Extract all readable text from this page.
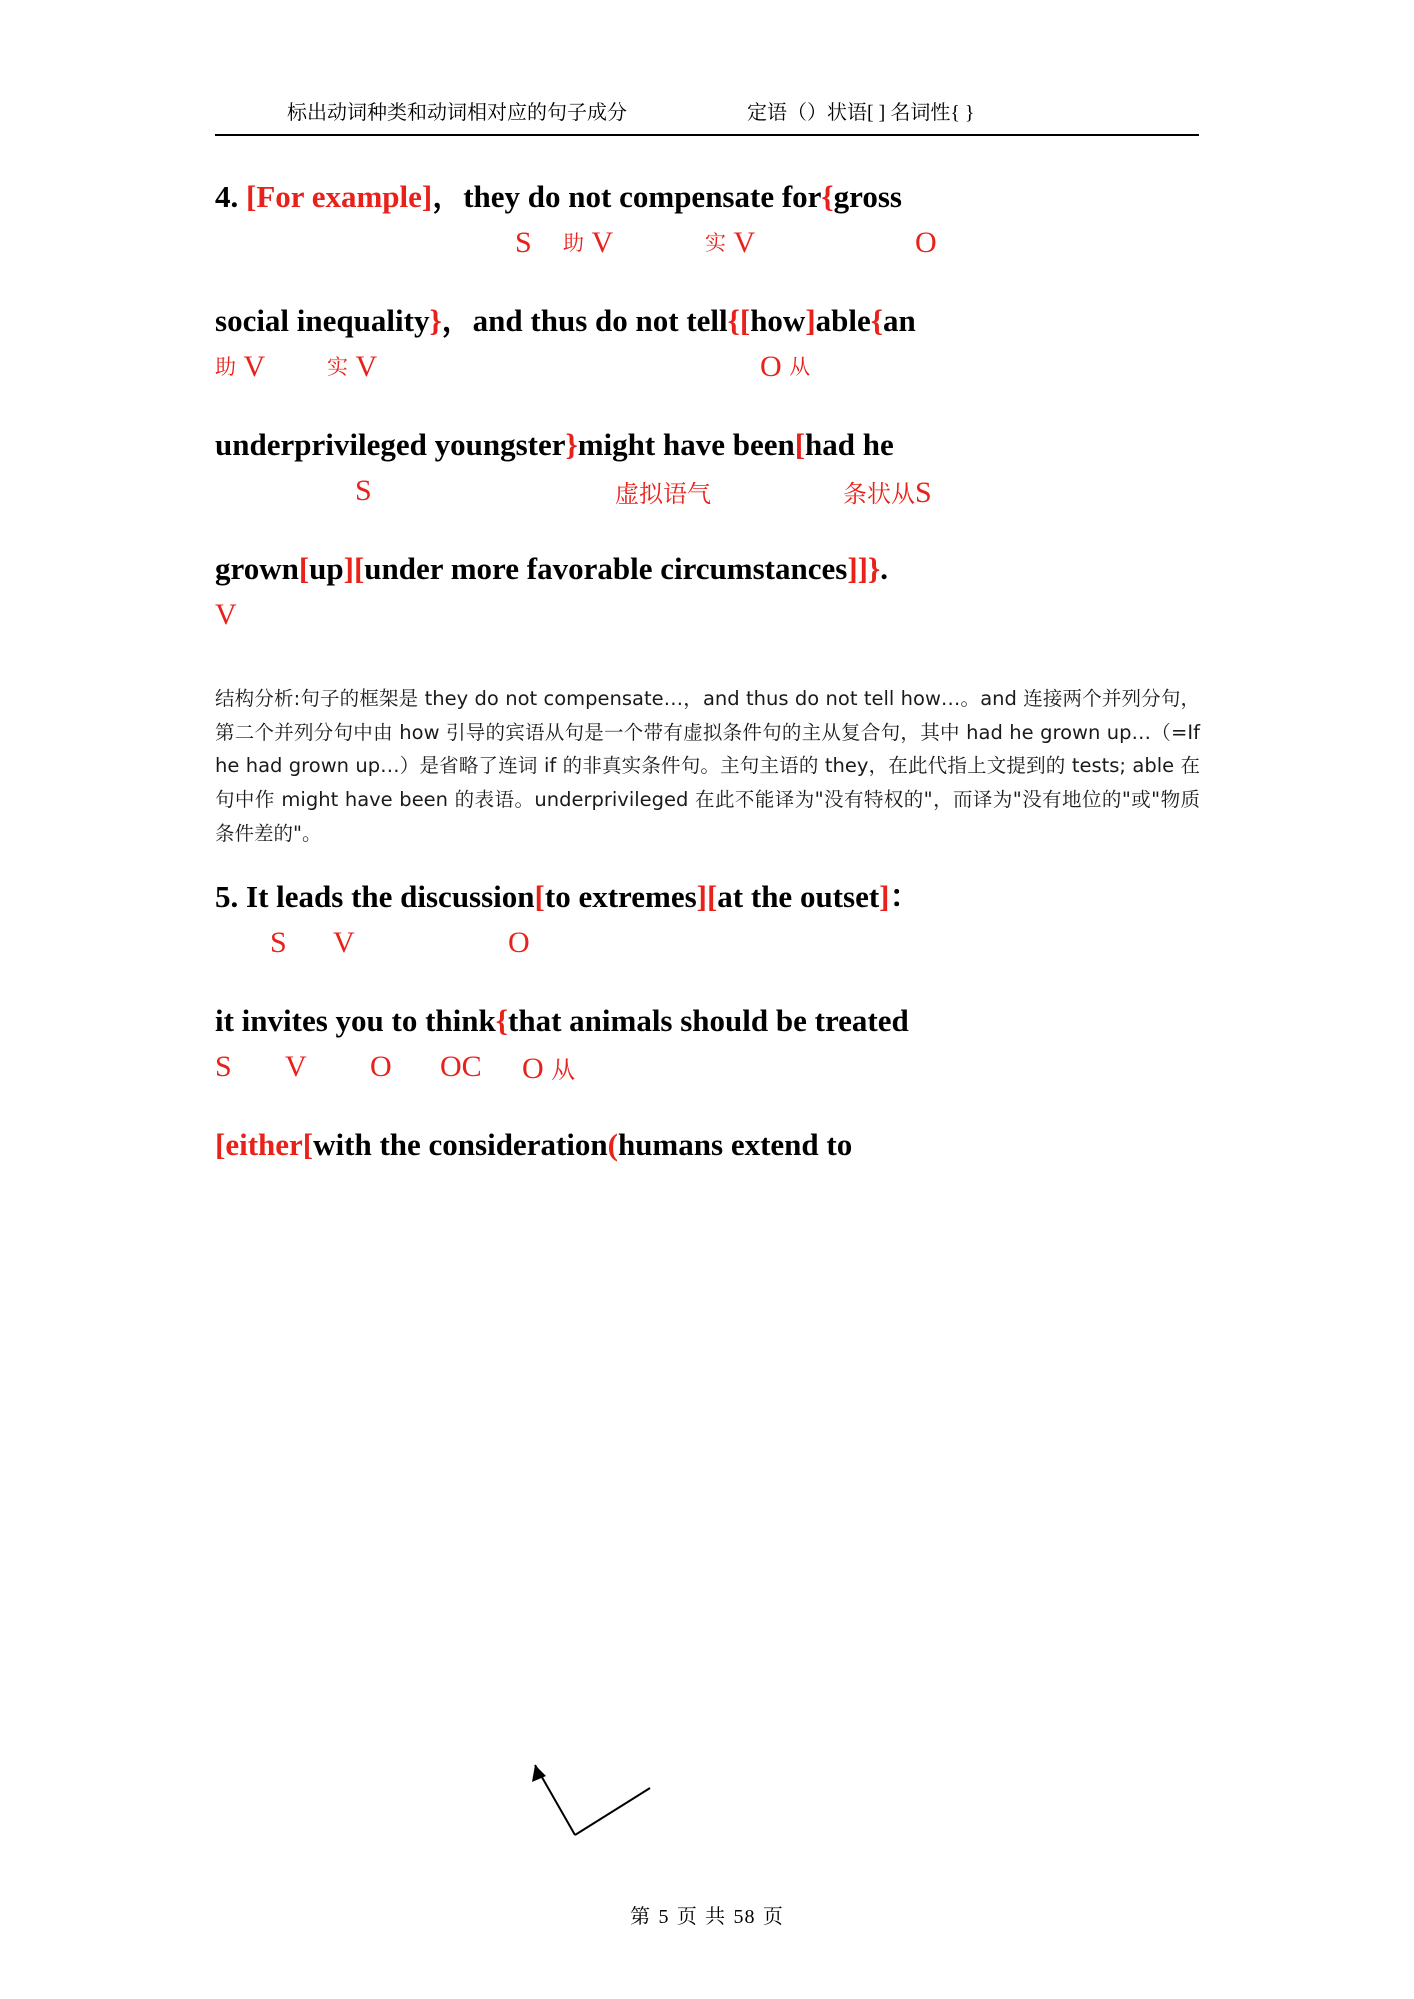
标出动词种类和动词相对应的句子成分	定语（）状语[ ] 名词性{ }
4. [For example]，they do not compensate for{gross
S 助 V	实 V	O
social inequality}，and thus do not tell{[how]able{an
助 V	实 V	O 从
underprivileged youngster}might have been[had he
S	虚拟语气	条状从S
grown[up][under more favorable circumstances]]}.
V
结构分析:句子的框架是 they do not compensate…，and thus do not tell how…。and 连接两个并列分句，第二个并列分句中由 how 引导的宾语从句是一个带有虚拟条件句的主从复合句，其中 had he grown up…（=If he had grown up…）是省略了连词 if 的非真实条件句。主句主语的 they，在此代指上文提到的 tests; able 在句中作 might have been 的表语。underprivileged 在此不能译为"没有特权的"，而译为"没有地位的"或"物质条件差的"。
5. It leads the discussion[to extremes][at the outset]：
S V	O
it invites you to think{that animals should be treated
S V O OC O 从
[either[with the consideration(humans extend to
第 5 页 共 58 页
